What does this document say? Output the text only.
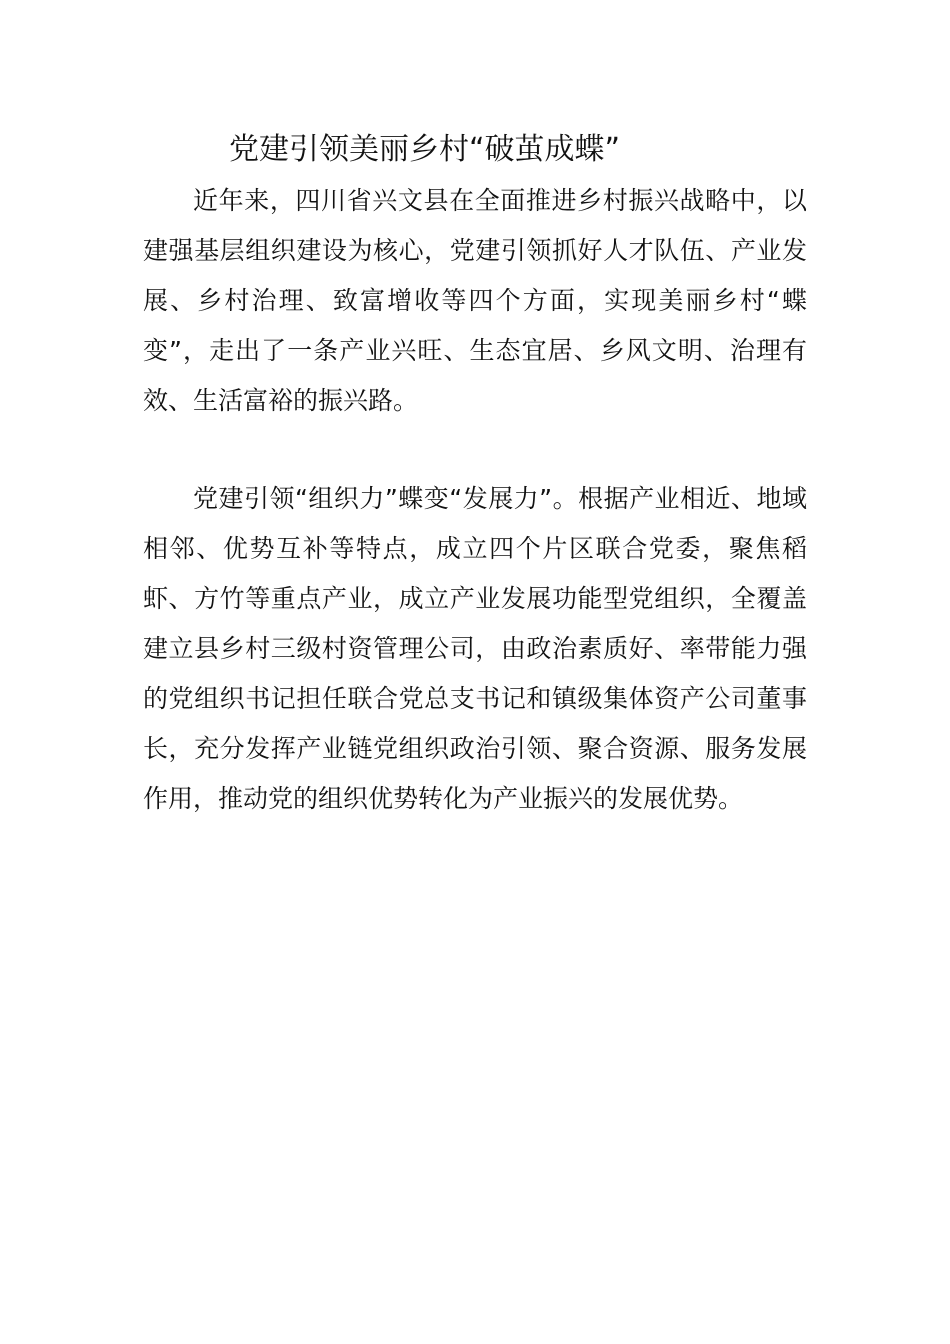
党建引领美丽乡村“破茧成蝶”

近年来，四川省兴文县在全面推进乡村振兴战略中，以建强基层组织建设为核心，党建引领抓好人才队伍、产业发展、乡村治理、致富增收等四个方面，实现美丽乡村“蝶变”，走出了一条产业兴旺、生态宜居、乡风文明、治理有效、生活富裕的振兴路。

党建引领“组织力”蝶变“发展力”。根据产业相近、地域相邻、优势互补等特点，成立四个片区联合党委，聚焦稻虾、方竹等重点产业，成立产业发展功能型党组织，全覆盖建立县乡村三级村资管理公司，由政治素质好、率带能力强的党组织书记担任联合党总支书记和镇级集体资产公司董事长，充分发挥产业链党组织政治引领、聚合资源、服务发展作用，推动党的组织优势转化为产业振兴的发展优势。
